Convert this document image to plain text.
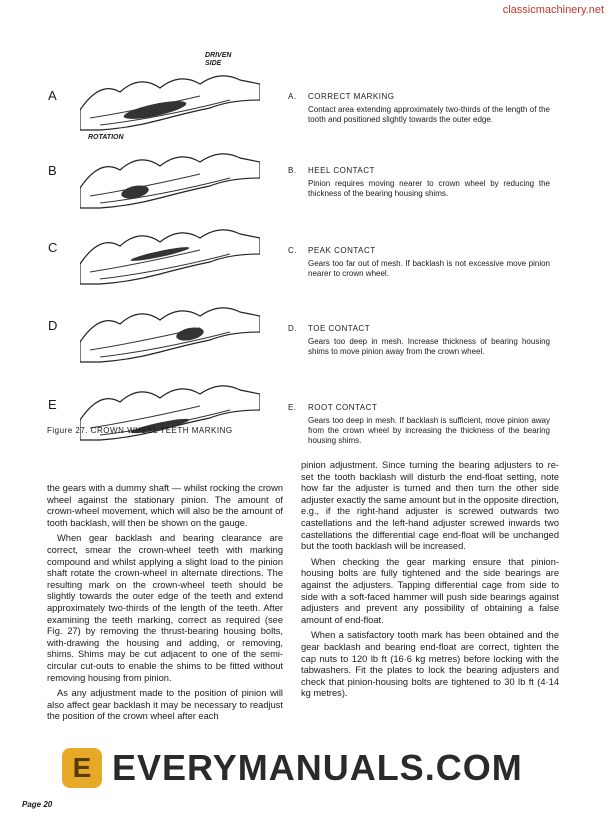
classicmachinery.net
A
B
C
D
E
DRIVEN SIDE
ROTATION
A. CORRECT MARKING
Contact area extending approximately two-thirds of the length of the tooth and positioned slightly towards the outer edge.
B. HEEL CONTACT
Pinion requires moving nearer to crown wheel by reducing the thickness of the bearing housing shims.
C. PEAK CONTACT
Gears too far out of mesh. If backlash is not excessive move pinion nearer to crown wheel.
D. TOE CONTACT
Gears too deep in mesh. Increase thickness of bearing housing shims to move pinion away from the crown wheel.
E. ROOT CONTACT
Gears too deep in mesh. If backlash is sufficient, move pinion away from the crown wheel by increasing the thickness of the bearing housing shims.
Figure 27. CROWN WHEEL TEETH MARKING

the gears with a dummy shaft — whilst rocking the crown wheel against the stationary pinion. The amount of crown-wheel movement, which will also be the amount of tooth backlash, will then be shown on the gauge.

When gear backlash and bearing clearance are correct, smear the crown-wheel teeth with marking compound and whilst applying a slight load to the pinion shaft rotate the crown-wheel in alternate directions. The resulting mark on the crown-wheel teeth should be slightly towards the outer edge of the teeth and extend approximately two-thirds of the length of the teeth. After examining the teeth marking, correct as required (see Fig. 27) by removing the thrust-bearing housing bolts, with-drawing the housing and adding, or removing, shims. Shims may be cut adjacent to one of the semi-circular cut-outs to enable the shims to be fitted without removing housing from pinion.

As any adjustment made to the position of pinion will also affect gear backlash it may be necessary to readjust the position of the crown wheel after each

pinion adjustment. Since turning the bearing adjusters to re-set the tooth backlash will disturb the end-float setting, note how far the adjuster is turned and then turn the other side adjuster exactly the same amount but in the opposite direction, e.g., if the right-hand adjuster is screwed outwards two castellations and the left-hand adjuster screwed inwards two castellations the differential cage end-float will be unchanged but the tooth backlash will be increased.

When checking the gear marking ensure that pinion-housing bolts are fully tightened and the side bearings are against the adjusters. Tapping differential cage from side to side with a soft-faced hammer will push side bearings against adjusters and prevent any possibility of obtaining a false amount of end-float.

When a satisfactory tooth mark has been obtained and the gear backlash and bearing end-float are correct, tighten the cap nuts to 120 lb ft (16·6 kg metres) before locking with the tabwashers. Fit the plates to lock the bearing adjusters and check that pinion-housing bolts are tightened to 30 lb ft (4·14 kg metres).

E EVERYMANUALS.COM
Page 20
